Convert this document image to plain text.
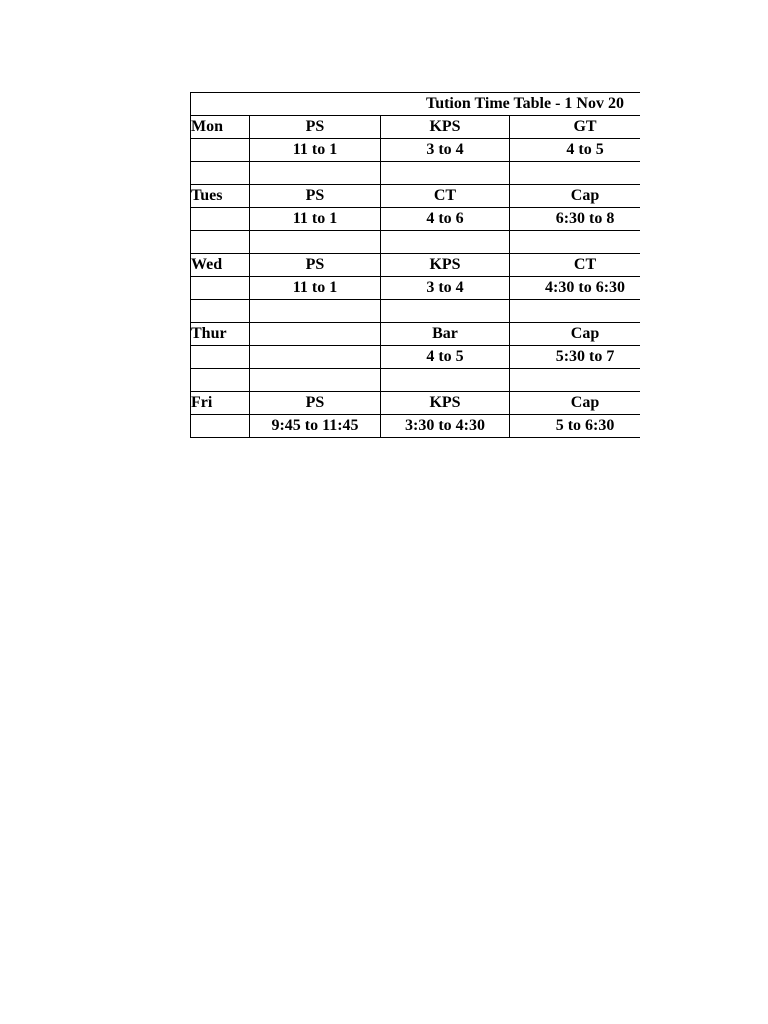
Tution Time Table - 1 Nov 20			
Mon	PS	KPS	GT
	11 to 1	3 to 4	4 to 5

Tues	PS	CT	Cap
	11 to 1	4 to 6	6:30 to 8

Wed	PS	KPS	CT
	11 to 1	3 to 4	4:30 to 6:30

Thur		Bar	Cap
		4 to 5	5:30 to 7

Fri	PS	KPS	Cap
	9:45 to 11:45	3:30 to 4:30	5 to 6:30
